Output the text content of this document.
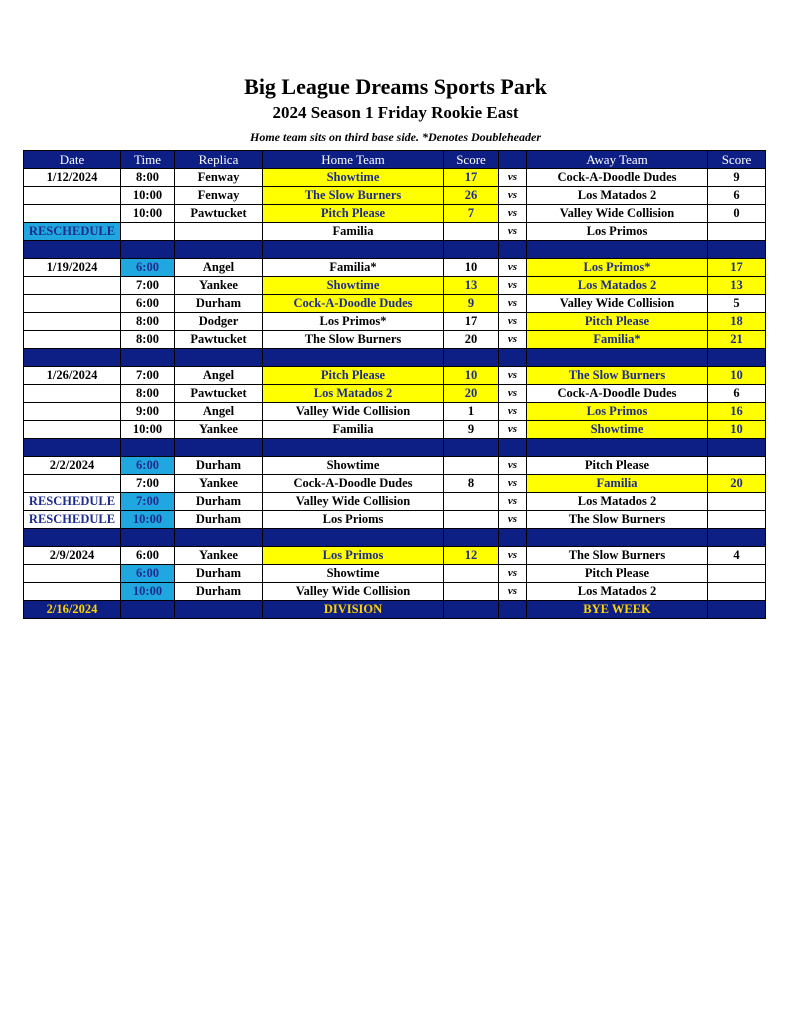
Big League Dreams Sports Park
2024 Season 1 Friday Rookie East
Home team sits on third base side. *Denotes Doubleheader
Date	Time	Replica	Home Team	Score		Away Team	Score
1/12/2024	8:00	Fenway	Showtime	17	vs	Cock-A-Doodle Dudes	9
	10:00	Fenway	The Slow Burners	26	vs	Los Matados 2	6
	10:00	Pawtucket	Pitch Please	7	vs	Valley Wide Collision	0
RESCHEDULE			Familia		vs	Los Primos	

1/19/2024	6:00	Angel	Familia*	10	vs	Los Primos*	17
	7:00	Yankee	Showtime	13	vs	Los Matados 2	13
	6:00	Durham	Cock-A-Doodle Dudes	9	vs	Valley Wide Collision	5
	8:00	Dodger	Los Primos*	17	vs	Pitch Please	18
	8:00	Pawtucket	The Slow Burners	20	vs	Familia*	21

1/26/2024	7:00	Angel	Pitch Please	10	vs	The Slow Burners	10
	8:00	Pawtucket	Los Matados 2	20	vs	Cock-A-Doodle Dudes	6
	9:00	Angel	Valley Wide Collision	1	vs	Los Primos	16
	10:00	Yankee	Familia	9	vs	Showtime	10

2/2/2024	6:00	Durham	Showtime		vs	Pitch Please	
	7:00	Yankee	Cock-A-Doodle Dudes	8	vs	Familia	20
RESCHEDULE	7:00	Durham	Valley Wide Collision		vs	Los Matados 2	
RESCHEDULE	10:00	Durham	Los Prioms		vs	The Slow Burners	

2/9/2024	6:00	Yankee	Los Primos	12	vs	The Slow Burners	4
	6:00	Durham	Showtime		vs	Pitch Please	
	10:00	Durham	Valley Wide Collision		vs	Los Matados 2	
2/16/2024			DIVISION			BYE WEEK	
